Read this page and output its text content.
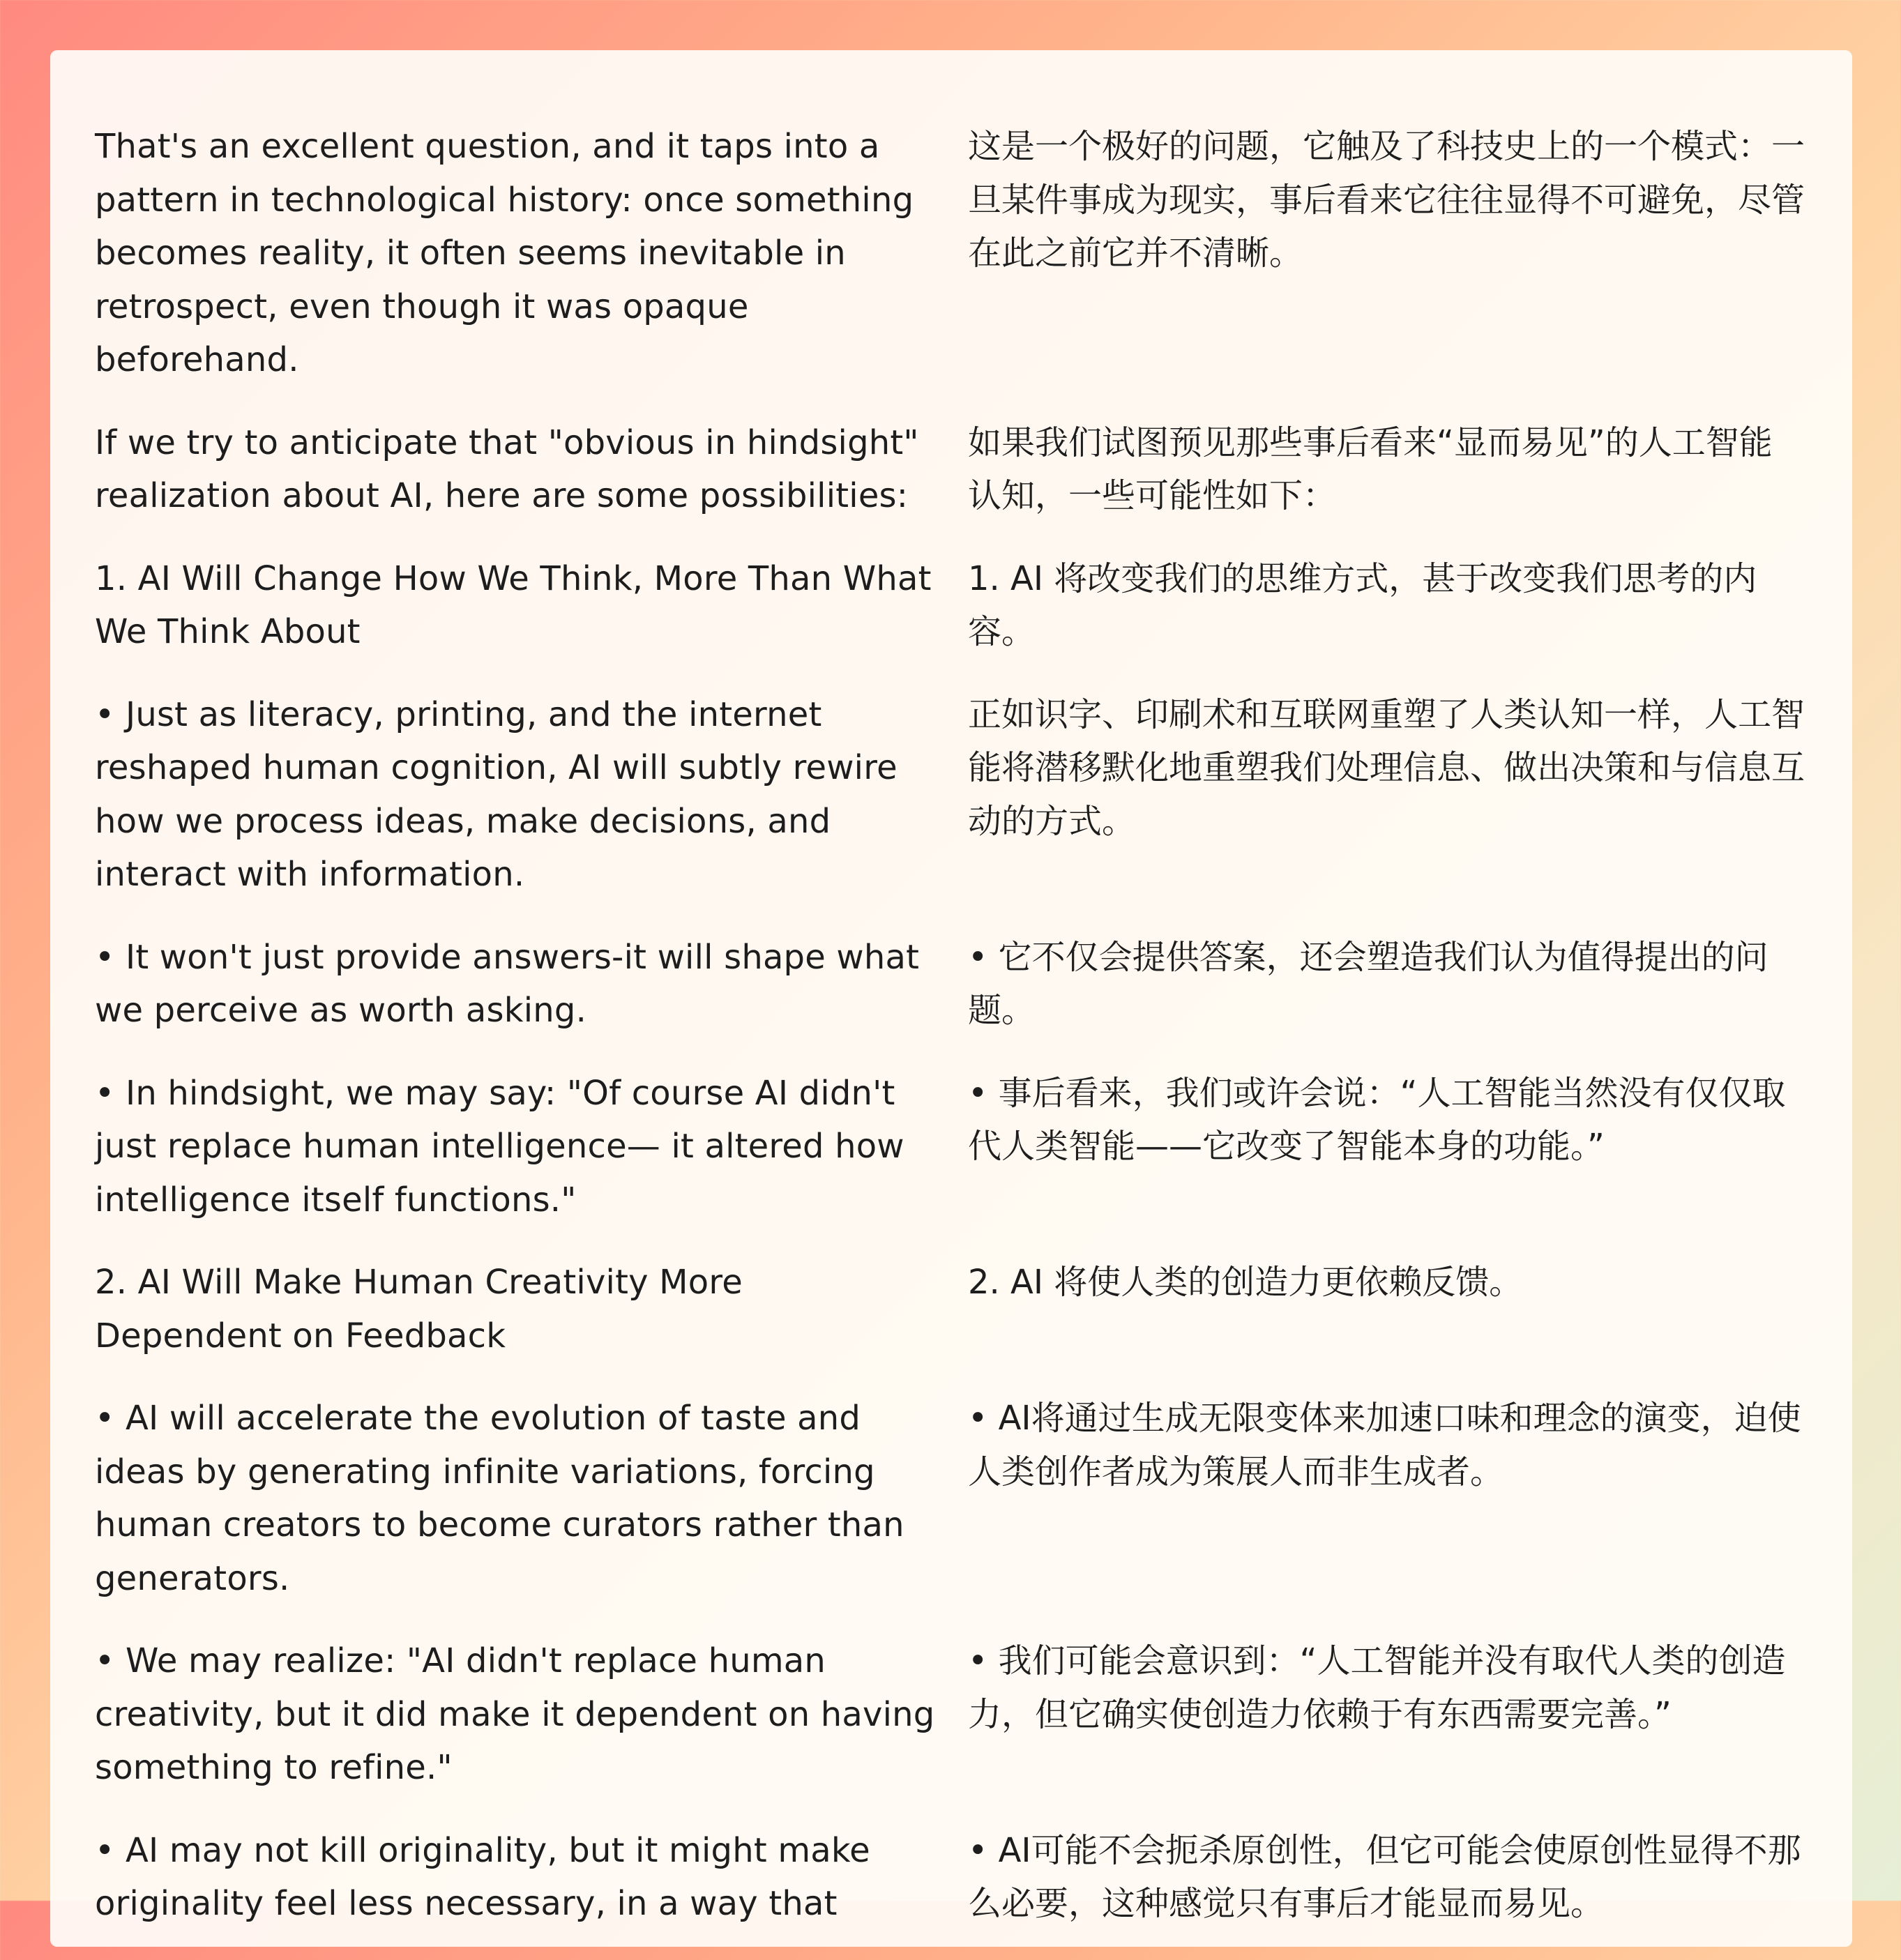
That's an excellent question, and it taps into a pattern in technological history: once something becomes reality, it often seems inevitable in retrospect, even though it was opaque beforehand.

这是一个极好的问题，它触及了科技史上的一个模式：一旦某件事成为现实，事后看来它往往显得不可避免，尽管在此之前它并不清晰。

If we try to anticipate that "obvious in hindsight" realization about AI, here are some possibilities:

如果我们试图预见那些事后看来“显而易见”的人工智能认知，一些可能性如下：

1. AI Will Change How We Think, More Than What We Think About

1. AI 将改变我们的思维方式，甚于改变我们思考的内容。

• Just as literacy, printing, and the internet reshaped human cognition, AI will subtly rewire how we process ideas, make decisions, and interact with information.

正如识字、印刷术和互联网重塑了人类认知一样，人工智能将潜移默化地重塑我们处理信息、做出决策和与信息互动的方式。

• It won't just provide answers-it will shape what we perceive as worth asking.

• 它不仅会提供答案，还会塑造我们认为值得提出的问题。

• In hindsight, we may say: "Of course AI didn't just replace human intelligence— it altered how intelligence itself functions."

• 事后看来，我们或许会说：“人工智能当然没有仅仅取代人类智能——它改变了智能本身的功能。”

2. AI Will Make Human Creativity More Dependent on Feedback

2. AI 将使人类的创造力更依赖反馈。

• AI will accelerate the evolution of taste and ideas by generating infinite variations, forcing human creators to become curators rather than generators.

• AI将通过生成无限变体来加速口味和理念的演变，迫使人类创作者成为策展人而非生成者。

• We may realize: "AI didn't replace human creativity, but it did make it dependent on having something to refine."

• 我们可能会意识到：“人工智能并没有取代人类的创造力，但它确实使创造力依赖于有东西需要完善。”

• AI may not kill originality, but it might make originality feel less necessary, in a way that

• AI可能不会扼杀原创性，但它可能会使原创性显得不那么必要，这种感觉只有事后才能显而易见。
